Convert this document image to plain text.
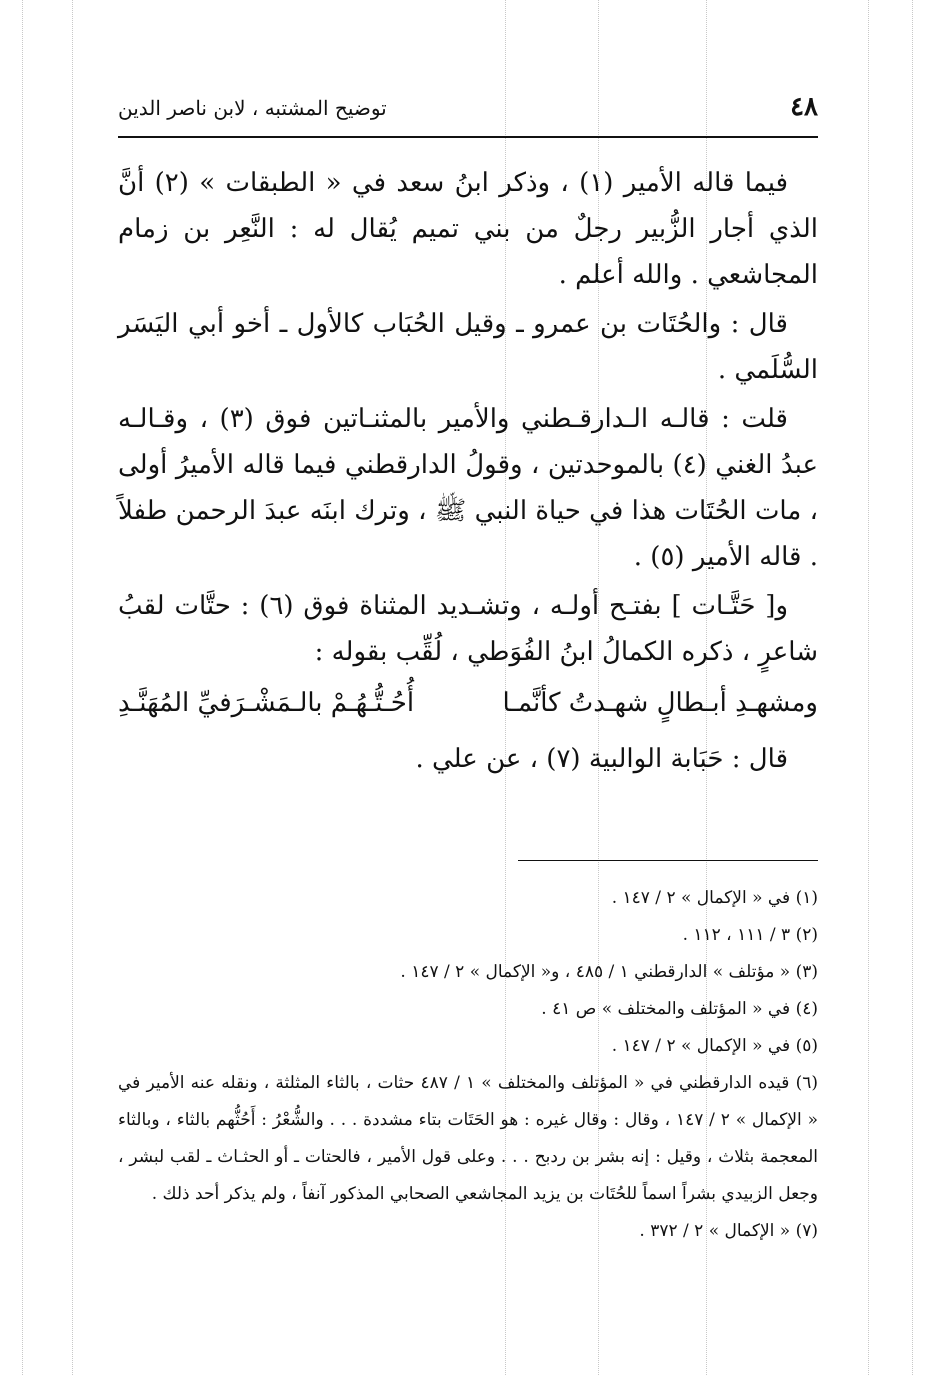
٤٨
توضيح المشتبه ، لابن ناصر الدين

فيما قاله الأمير (١) ، وذكر ابنُ سعد في « الطبقات » (٢) أنَّ الذي أجار الزُّبير رجلٌ من بني تميم يُقال له : النَّعِر بن زمام المجاشعي . والله أعلم .

قال : والحُتَات بن عمرو ـ وقيل الحُبَاب كالأول ـ أخو أبي اليَسَر السُّلَمي .

قلت : قالـه الـدارقـطني والأمير بالمثنـاتين فوق (٣) ، وقـالـه عبدُ الغني (٤) بالموحدتين ، وقولُ الدارقطني فيما قاله الأميرُ أولى ، مات الحُتَات هذا في حياة النبي ﷺ ، وترك ابنَه عبدَ الرحمن طفلاً . قاله الأمير (٥) .

و[ حَتَّـات ] بفتـح أولـه ، وتشـديد المثناة فوق (٦) : حتَّات لقبُ شاعرٍ ، ذكره الكمالُ ابنُ الفُوَطي ، لُقِّب بقوله :

ومشهـدِ أبـطالٍ شهـدتُ كأنَّمـا
أُحُـتُّـهُـمْ بالـمَشْـرَفيِّ المُهَنَّـدِ

قال : حَبَابة الوالبية (٧) ، عن علي .

(١) في « الإكمال » ٢ / ١٤٧ .

(٢) ٣ / ١١١ ، ١١٢ .

(٣) « مؤتلف » الدارقطني ١ / ٤٨٥ ، و« الإكمال » ٢ / ١٤٧ .

(٤) في « المؤتلف والمختلف » ص ٤١ .

(٥) في « الإكمال » ٢ / ١٤٧ .

(٦) قيده الدارقطني في « المؤتلف والمختلف » ١ / ٤٨٧ حثات ، بالثاء المثلثة ، ونقله عنه الأمير في « الإكمال » ٢ / ١٤٧ ، وقال : وقال غيره : هو الحَتَات بتاء مشددة . . . والشُّعْرُ : أَحُثُّهم بالثاء ، وبالثاء المعجمة بثلاث ، وقيل : إنه بشر بن ردبح . . . وعلى قول الأمير ، فالحتات ـ أو الحثـاث ـ لقب لبشر ، وجعل الزبيدي بشراً اسماً للحُتَات بن يزيد المجاشعي الصحابي المذكور آنفاً ، ولم يذكر أحد ذلك .

(٧) « الإكمال » ٢ / ٣٧٢ .
